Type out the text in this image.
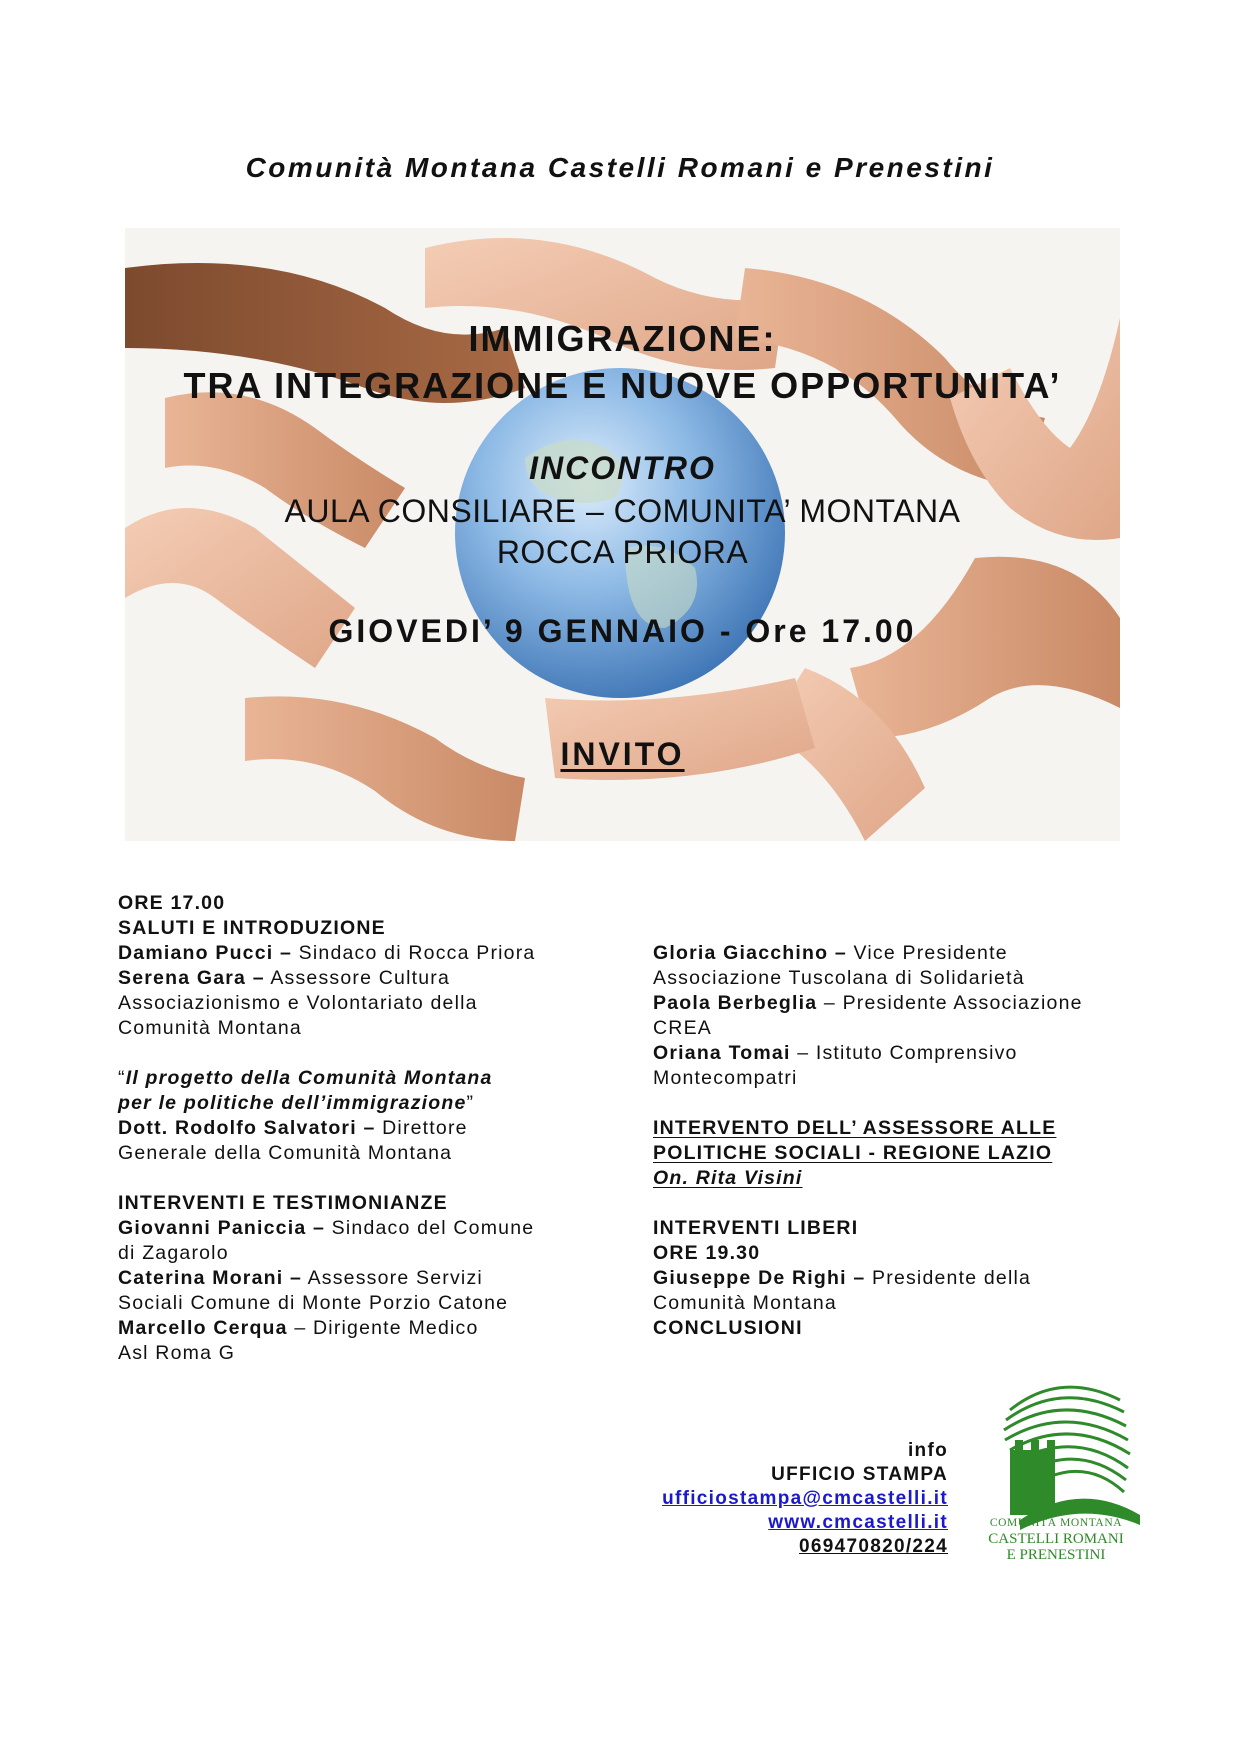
Comunità Montana Castelli Romani e Prenestini
IMMIGRAZIONE:
TRA INTEGRAZIONE E NUOVE OPPORTUNITA’
INCONTRO
AULA CONSILIARE – COMUNITA’ MONTANA
ROCCA PRIORA
GIOVEDI’ 9 GENNAIO - Ore 17.00
INVITO
ORE 17.00
SALUTI E INTRODUZIONE
Damiano Pucci – Sindaco di Rocca Priora
Serena Gara – Assessore Cultura
Associazionismo e Volontariato della
Comunità Montana
“Il progetto della Comunità Montana
per le politiche dell’immigrazione”
Dott. Rodolfo Salvatori – Direttore
Generale della Comunità Montana
INTERVENTI E TESTIMONIANZE
Giovanni Paniccia – Sindaco del Comune
di Zagarolo
Caterina Morani – Assessore Servizi
Sociali Comune di Monte Porzio Catone
Marcello Cerqua – Dirigente Medico
Asl Roma G
Gloria Giacchino – Vice Presidente
Associazione Tuscolana di Solidarietà
Paola Berbeglia – Presidente Associazione
CREA
Oriana Tomai – Istituto Comprensivo
Montecompatri
INTERVENTO DELL’ ASSESSORE ALLE
POLITICHE SOCIALI - REGIONE LAZIO
On. Rita Visini
INTERVENTI LIBERI
ORE 19.30
Giuseppe De Righi – Presidente della
Comunità Montana
CONCLUSIONI
info
UFFICIO STAMPA
ufficiostampa@cmcastelli.it
www.cmcastelli.it
069470820/224
COMUNITÀ MONTANA
CASTELLI ROMANI
E PRENESTINI
